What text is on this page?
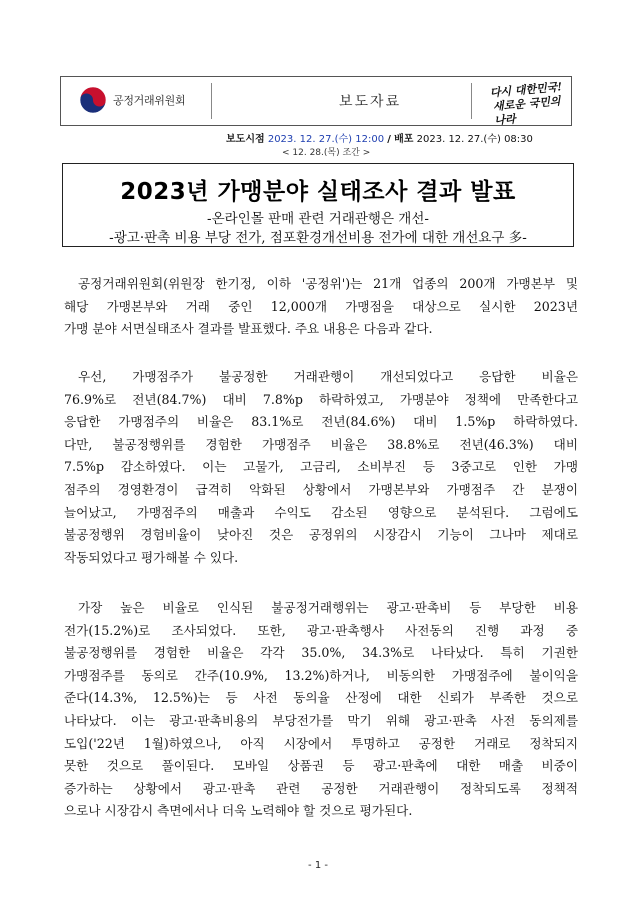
공정거래위원회	보도자료
다시 대한민국!
새로운 국민의 나라
보도시점 2023. 12. 27.(수) 12:00 / 배포 2023. 12. 27.(수) 08:30
< 12. 28.(목) 조간 >
2023년 가맹분야 실태조사 결과 발표
-온라인몰 판매 관련 거래관행은 개선-
-광고·판촉 비용 부당 전가, 점포환경개선비용 전가에 대한 개선요구 多-
공정거래위원회(위원장 한기정, 이하 '공정위')는 21개 업종의 200개 가맹본부 및
해당 가맹본부와 거래 중인 12,000개 가맹점을 대상으로 실시한 2023년
가맹 분야 서면실태조사 결과를 발표했다. 주요 내용은 다음과 같다.
우선, 가맹점주가 불공정한 거래관행이 개선되었다고 응답한 비율은
76.9%로 전년(84.7%) 대비 7.8%p 하락하였고, 가맹분야 정책에 만족한다고
응답한 가맹점주의 비율은 83.1%로 전년(84.6%) 대비 1.5%p 하락하였다.
다만, 불공정행위를 경험한 가맹점주 비율은 38.8%로 전년(46.3%) 대비
7.5%p 감소하였다. 이는 고물가, 고금리, 소비부진 등 3중고로 인한 가맹
점주의 경영환경이 급격히 악화된 상황에서 가맹본부와 가맹점주 간 분쟁이
늘어났고, 가맹점주의 매출과 수익도 감소된 영향으로 분석된다. 그럼에도
불공정행위 경험비율이 낮아진 것은 공정위의 시장감시 기능이 그나마 제대로
작동되었다고 평가해볼 수 있다.
가장 높은 비율로 인식된 불공정거래행위는 광고·판촉비 등 부당한 비용
전가(15.2%)로 조사되었다. 또한, 광고·판촉행사 사전동의 진행 과정 중
불공정행위를 경험한 비율은 각각 35.0%, 34.3%로 나타났다. 특히 기권한
가맹점주를 동의로 간주(10.9%, 13.2%)하거나, 비동의한 가맹점주에 불이익을
준다(14.3%, 12.5%)는 등 사전 동의율 산정에 대한 신뢰가 부족한 것으로
나타났다. 이는 광고·판촉비용의 부당전가를 막기 위해 광고·판촉 사전 동의제를
도입('22년 1월)하였으나, 아직 시장에서 투명하고 공정한 거래로 정착되지
못한 것으로 풀이된다. 모바일 상품권 등 광고·판촉에 대한 매출 비중이
증가하는 상황에서 광고·판촉 관련 공정한 거래관행이 정착되도록 정책적
으로나 시장감시 측면에서나 더욱 노력해야 할 것으로 평가된다.
- 1 -
